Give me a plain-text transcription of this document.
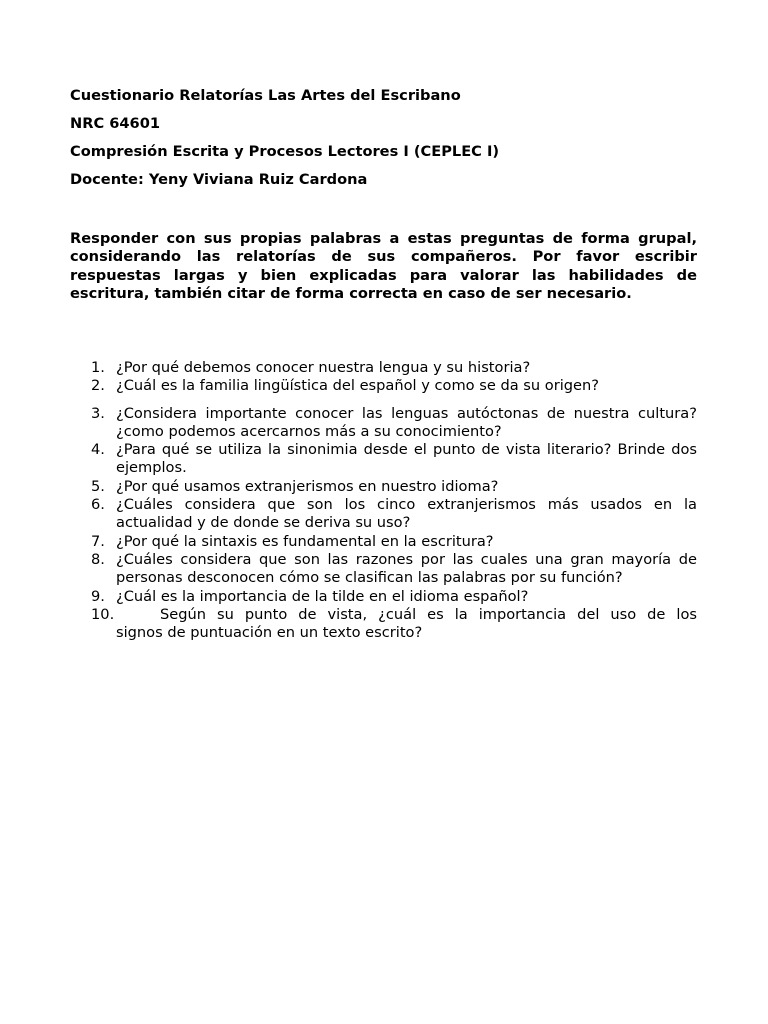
Cuestionario Relatorías Las Artes del Escribano

NRC 64601

Compresión Escrita y Procesos Lectores I (CEPLEC I)

Docente: Yeny Viviana Ruiz Cardona

Responder con sus propias palabras a estas preguntas de forma grupal, considerando las relatorías de sus compañeros. Por favor escribir respuestas largas y bien explicadas para valorar las habilidades de escritura, también citar de forma correcta en caso de ser necesario.

1. ¿Por qué debemos conocer nuestra lengua y su historia?
2. ¿Cuál es la familia lingüística del español y como se da su origen?
3. ¿Considera importante conocer las lenguas autóctonas de nuestra cultura? ¿como podemos acercarnos más a su conocimiento?
4. ¿Para qué se utiliza la sinonimia desde el punto de vista literario? Brinde dos ejemplos.
5. ¿Por qué usamos extranjerismos en nuestro idioma?
6. ¿Cuáles considera que son los cinco extranjerismos más usados en la actualidad y de donde se deriva su uso?
7. ¿Por qué la sintaxis es fundamental en la escritura?
8. ¿Cuáles considera que son las razones por las cuales una gran mayoría de personas desconocen cómo se clasifican las palabras por su función?
9. ¿Cuál es la importancia de la tilde en el idioma español?
10.	Según su punto de vista, ¿cuál es la importancia del uso de los
signos de puntuación en un texto escrito?
